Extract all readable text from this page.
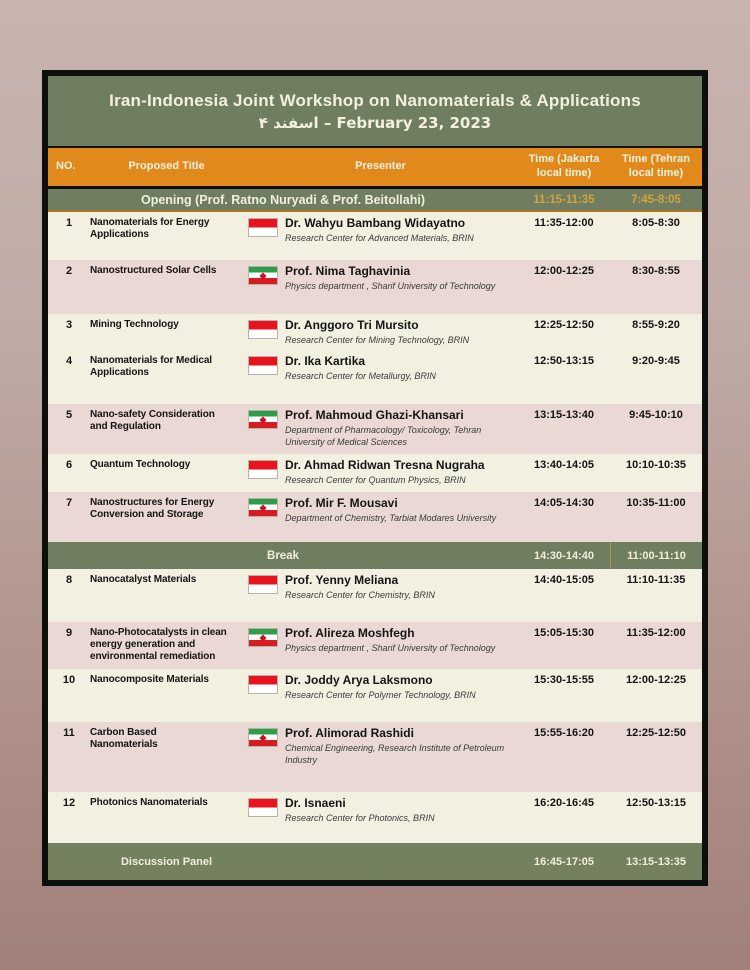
Iran-Indonesia Joint Workshop on Nanomaterials & Applications
۴ اسفند – February 23, 2023
NO.	Proposed Title	Presenter
Time (Jakarta local time)
Time (Tehran local time)
Opening (Prof. Ratno Nuryadi & Prof. Beitollahi)	11:15-11:35	7:45-8:05
1	Nanomaterials for Energy Applications
Dr. Wahyu Bambang Widayatno
Research Center for Advanced Materials, BRIN
11:35-12:00	8:05-8:30
2	Nanostructured Solar Cells	Prof. Nima Taghavinia
Physics department , Sharif University of Technology
12:00-12:25	8:30-8:55
3	Mining Technology	Dr. Anggoro Tri Mursito
Research Center for Mining Technology, BRIN
12:25-12:50	8:55-9:20
4	Nanomaterials for Medical Applications
Dr. Ika Kartika
Research Center for Metallurgy, BRIN
12:50-13:15	9:20-9:45
5	Nano-safety Consideration and Regulation
Prof. Mahmoud Ghazi-Khansari
Department of Pharmacology/ Toxicology, Tehran University of Medical Sciences
13:15-13:40	9:45-10:10
6	Quantum Technology	Dr. Ahmad Ridwan Tresna Nugraha
Research Center for Quantum Physics, BRIN
13:40-14:05	10:10-10:35
7	Nanostructures for Energy Conversion and Storage
Prof. Mir F. Mousavi
Department of Chemistry, Tarbiat Modares University
14:05-14:30	10:35-11:00
Break	14:30-14:40	11:00-11:10
8	Nanocatalyst Materials	Prof. Yenny Meliana
Research Center for Chemistry, BRIN
14:40-15:05	11:10-11:35
9	Nano-Photocatalysts in clean energy generation and environmental remediation
Prof. Alireza Moshfegh
Physics department , Sharif University of Technology
15:05-15:30	11:35-12:00
10	Nanocomposite Materials	Dr. Joddy Arya Laksmono
Research Center for Polymer Technology, BRIN
15:30-15:55	12:00-12:25
11	Carbon Based Nanomaterials
Prof. Alimorad Rashidi
Chemical Engineering, Research Institute of Petroleum Industry
15:55-16:20	12:25-12:50
12	Photonics Nanomaterials	Dr. Isnaeni
Research Center for Photonics, BRIN
16:20-16:45	12:50-13:15
Discussion Panel	16:45-17:05	13:15-13:35
